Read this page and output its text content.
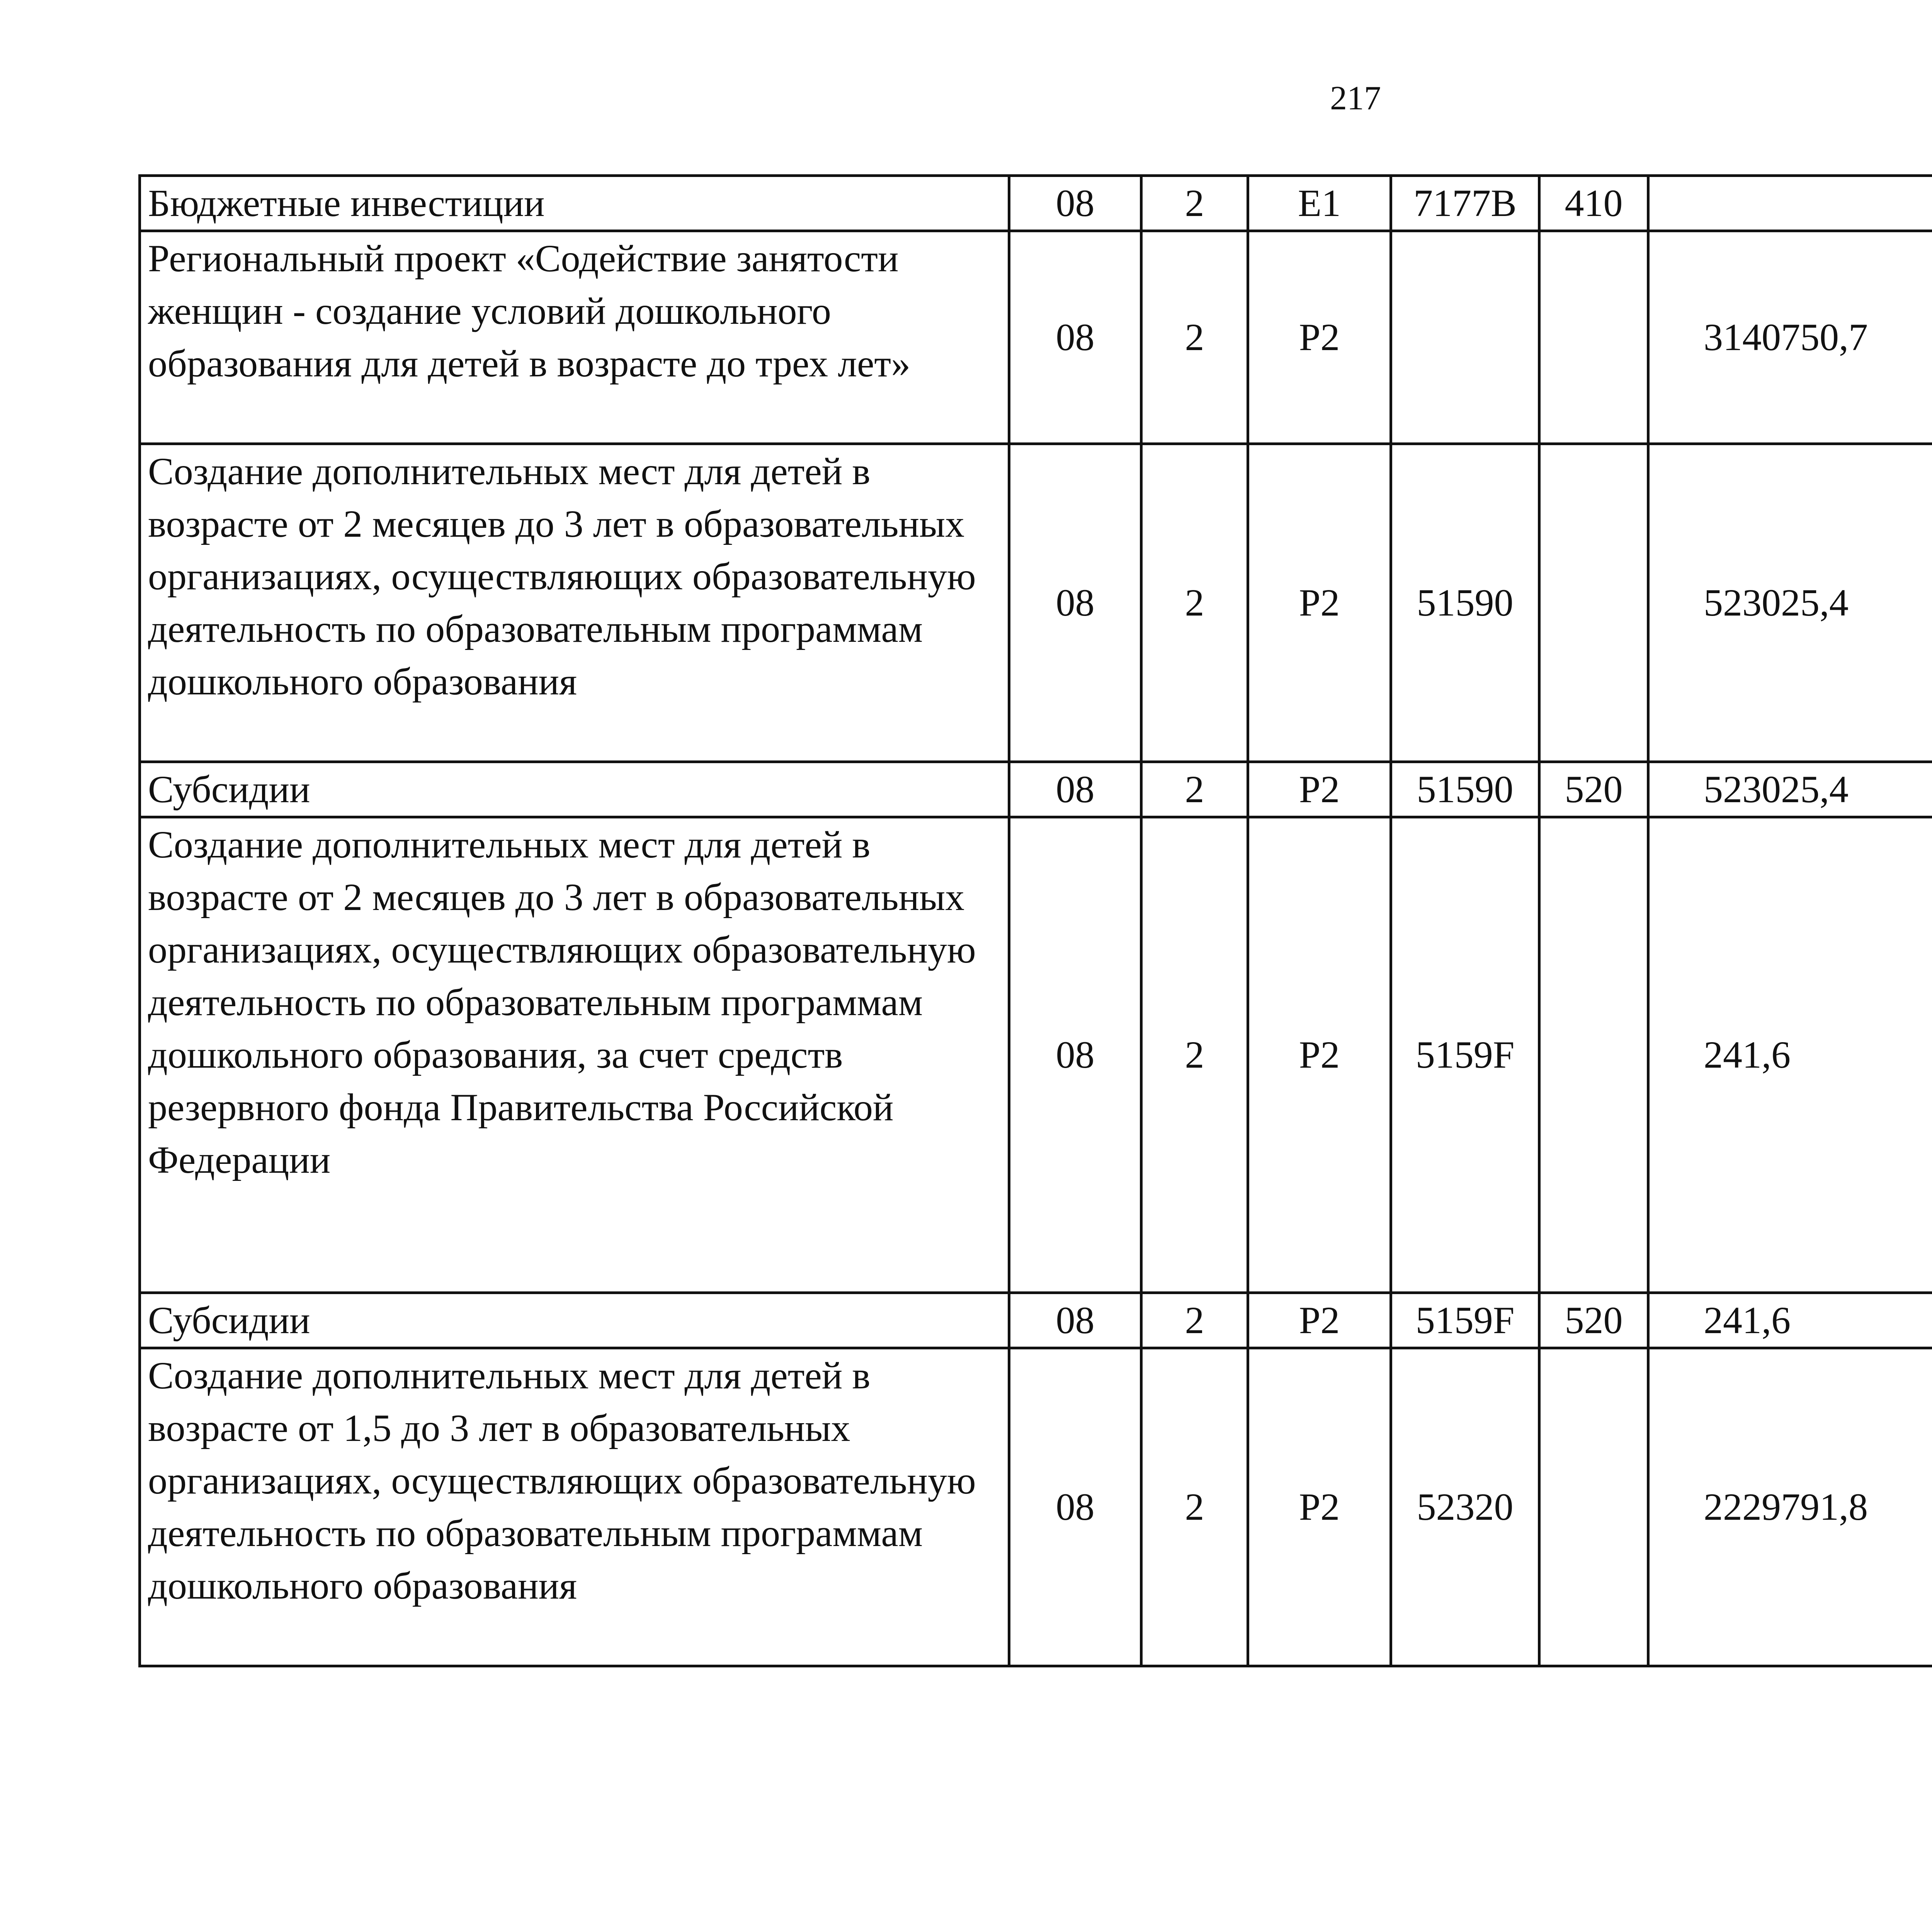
217
Бюджетные инвестиции	08	2	E1	7177B	410			
Региональный проект «Содействие занятости женщин - создание условий дошкольного образования для детей в возрасте до трех лет»	08	2	P2			3140750,7		
Создание дополнительных мест для детей в возрасте от 2 месяцев до 3 лет в образовательных организациях, осуществляющих образовательную деятельность по образовательным программам дошкольного образования	08	2	P2	51590		523025,4		
Субсидии	08	2	P2	51590	520	523025,4		
Создание дополнительных мест для детей в возрасте от 2 месяцев до 3 лет в образовательных организациях, осуществляющих образовательную деятельность по образовательным программам дошкольного образования, за счет средств резервного фонда Правительства Российской Федерации	08	2	P2	5159F		241,6		
Субсидии	08	2	P2	5159F	520	241,6		
Создание дополнительных мест для детей в возрасте от 1,5 до 3 лет в образовательных организациях, осуществляющих образовательную деятельность по образовательным программам дошкольного образования	08	2	P2	52320		2229791,8		
